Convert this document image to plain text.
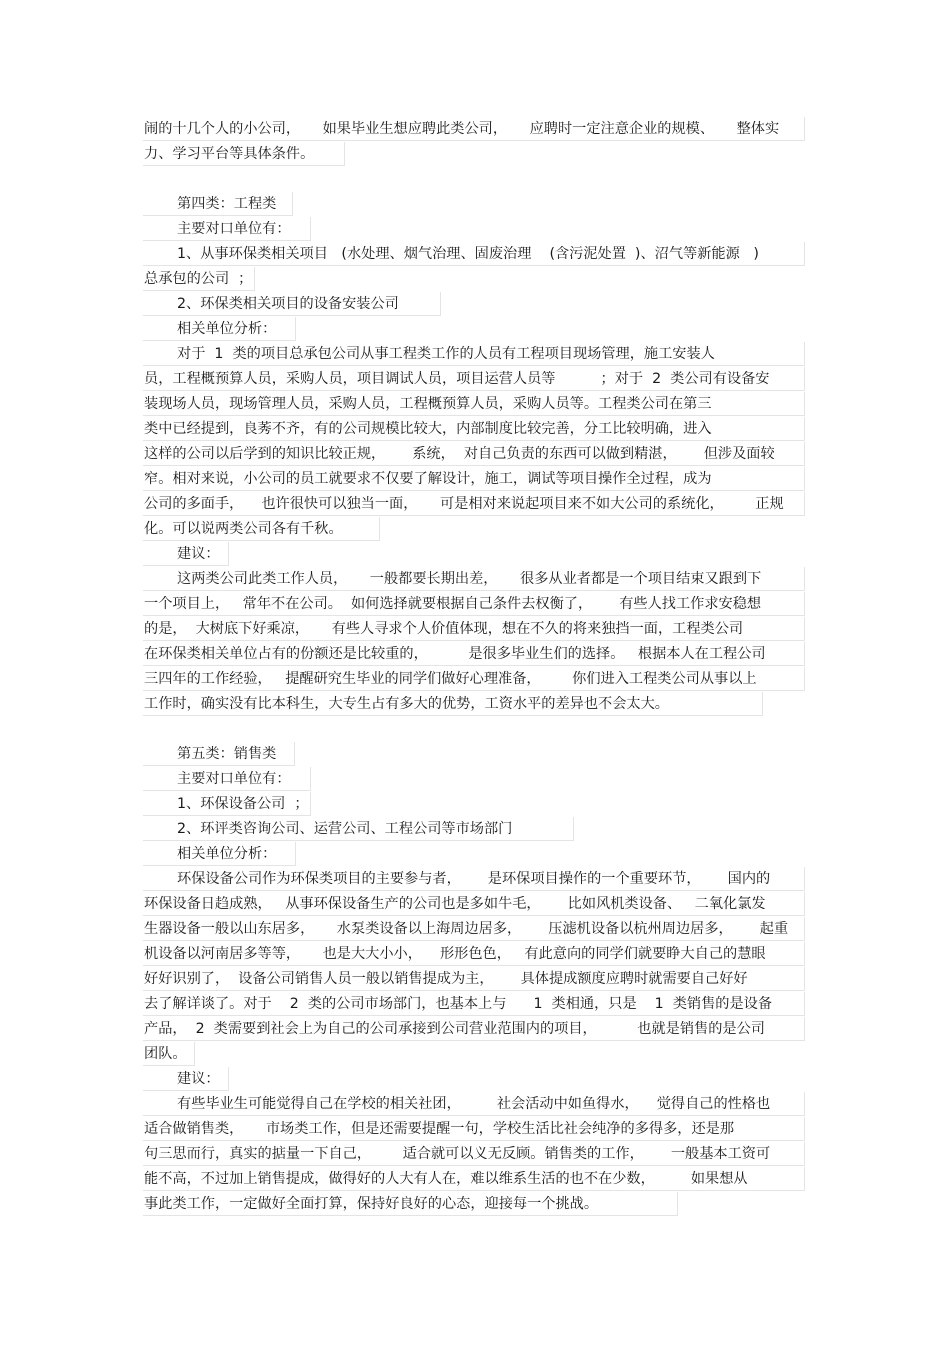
闹的十几个人的小公司，     如果毕业生想应聘此类公司，     应聘时一定注意企业的规模、     整体实
力、学习平台等具体条件。
第四类：工程类
主要对口单位有：
1、从事环保类相关项目   (水处理、烟气治理、固废治理    (含污泥处置  )、沼气等新能源   )
总承包的公司  ；
2、环保类相关项目的设备安装公司
相关单位分析：
对于  1  类的项目总承包公司从事工程类工作的人员有工程项目现场管理，施工安装人
员，工程概预算人员，采购人员，项目调试人员，项目运营人员等          ；对于  2  类公司有设备安
装现场人员，现场管理人员，采购人员，工程概预算人员，采购人员等。工程类公司在第三
类中已经提到，良莠不齐，有的公司规模比较大，内部制度比较完善，分工比较明确，进入
这样的公司以后学到的知识比较正规，      系统，  对自己负责的东西可以做到精湛，      但涉及面较
窄。相对来说，小公司的员工就要求不仅要了解设计，施工，调试等项目操作全过程，成为
公司的多面手，    也许很快可以独当一面，     可是相对来说起项目来不如大公司的系统化，       正规
化。可以说两类公司各有千秋。
建议：
这两类公司此类工作人员，     一般都要长期出差，     很多从业者都是一个项目结束又跟到下
一个项目上，   常年不在公司。  如何选择就要根据自己条件去权衡了，      有些人找工作求安稳想
的是，  大树底下好乘凉，     有些人寻求个人价值体现，想在不久的将来独挡一面，工程类公司
在环保类相关单位占有的份额还是比较重的，         是很多毕业生们的选择。   根据本人在工程公司
三四年的工作经验，   提醒研究生毕业的同学们做好心理准备，       你们进入工程类公司从事以上
工作时，确实没有比本科生，大专生占有多大的优势，工资水平的差异也不会太大。
第五类：销售类
主要对口单位有：
1、环保设备公司  ；
2、环评类咨询公司、运营公司、工程公司等市场部门
相关单位分析：
环保设备公司作为环保类项目的主要参与者，      是环保项目操作的一个重要环节，      国内的
环保设备日趋成熟，   从事环保设备生产的公司也是多如牛毛，      比如风机类设备、   二氧化氯发
生器设备一般以山东居多，     水泵类设备以上海周边居多，      压滤机设备以杭州周边居多，      起重
机设备以河南居多等等，     也是大大小小，    形形色色，   有此意向的同学们就要睁大自己的慧眼
好好识别了，  设备公司销售人员一般以销售提成为主，      具体提成额度应聘时就需要自己好好
去了解详谈了。对于    2  类的公司市场部门，也基本上与      1  类相通，只是    1  类销售的是设备
产品，  2  类需要到社会上为自己的公司承接到公司营业范围内的项目，         也就是销售的是公司
团队。
建议：
有些毕业生可能觉得自己在学校的相关社团，        社会活动中如鱼得水，    觉得自己的性格也
适合做销售类，     市场类工作，但是还需要提醒一句，学校生活比社会纯净的多得多，还是那
句三思而行，真实的掂量一下自己，       适合就可以义无反顾。销售类的工作，      一般基本工资可
能不高，不过加上销售提成，做得好的人大有人在，难以维系生活的也不在少数，        如果想从
事此类工作，一定做好全面打算，保持好良好的心态，迎接每一个挑战。
